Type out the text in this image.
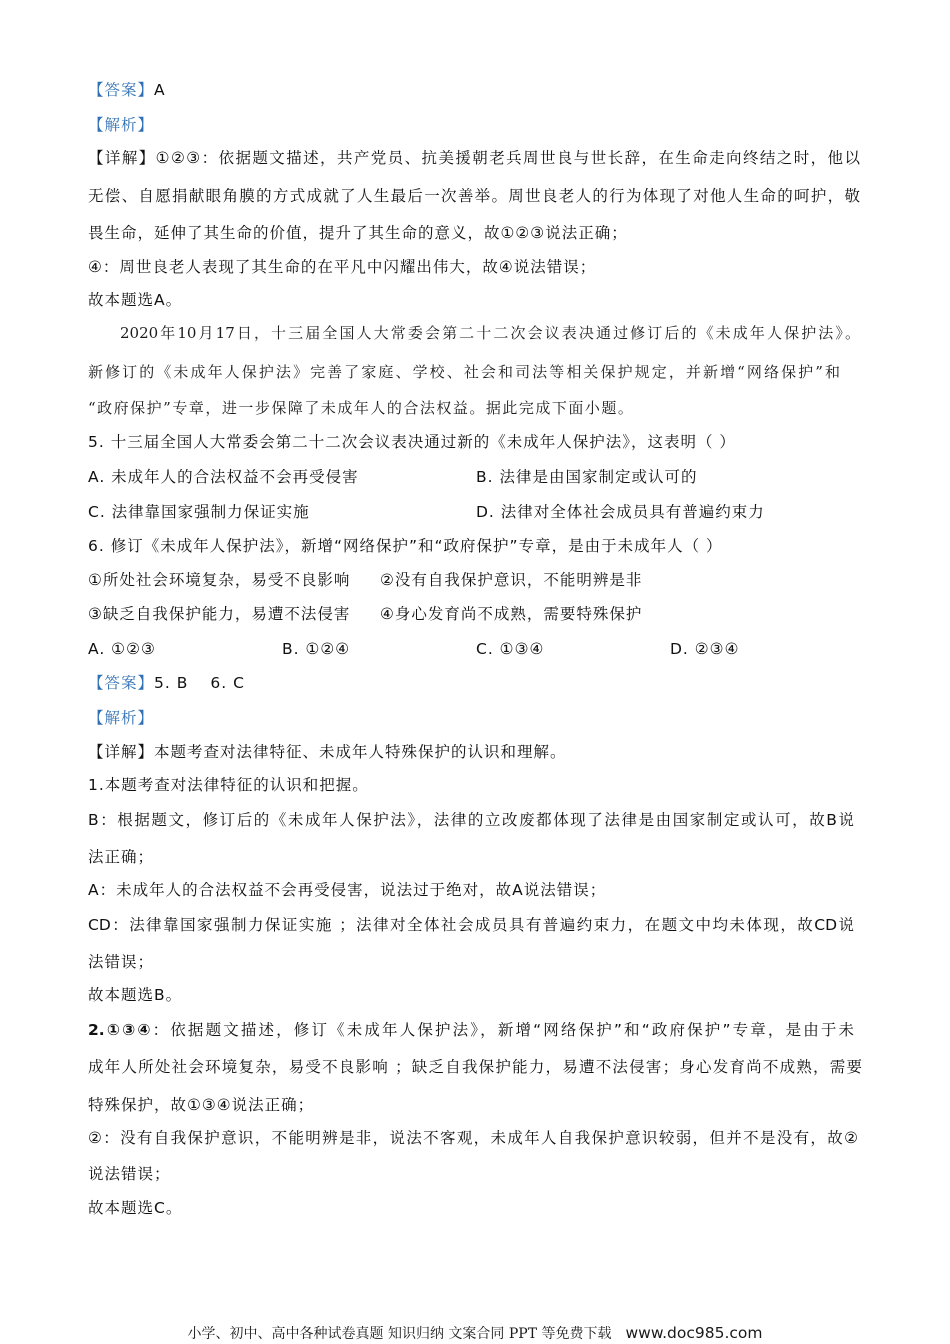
【答案】A
【解析】
【详解】①②③：依据题文描述，共产党员、抗美援朝老兵周世良与世长辞，在生命走向终结之时，他以
无偿、自愿捐献眼角膜的方式成就了人生最后一次善举。周世良老人的行为体现了对他人生命的呵护，敬
畏生命，延伸了其生命的价值，提升了其生命的意义，故①②③说法正确；
④：周世良老人表现了其生命的在平凡中闪耀出伟大，故④说法错误；
故本题选A。
2020年10月17日，十三届全国人大常委会第二十二次会议表决通过修订后的《未成年人保护法》。
新修订的《未成年人保护法》完善了家庭、学校、社会和司法等相关保护规定，并新增“网络保护”和
“政府保护”专章，进一步保障了未成年人的合法权益。据此完成下面小题。
5. 十三届全国人大常委会第二十二次会议表决通过新的《未成年人保护法》，这表明（ ）
A. 未成年人的合法权益不会再受侵害	B. 法律是由国家制定或认可的
C. 法律靠国家强制力保证实施	D. 法律对全体社会成员具有普遍约束力
6. 修订《未成年人保护法》，新增“网络保护”和“政府保护”专章，是由于未成年人（ ）
①所处社会环境复杂，易受不良影响 ②没有自我保护意识，不能明辨是非
③缺乏自我保护能力，易遭不法侵害 ④身心发育尚不成熟，需要特殊保护
A. ①②③	B. ①②④	C. ①③④	D. ②③④
【答案】5. B 6. C
【解析】
【详解】本题考查对法律特征、未成年人特殊保护的认识和理解。
1.本题考查对法律特征的认识和把握。
B：根据题文，修订后的《未成年人保护法》，法律的立改废都体现了法律是由国家制定或认可，故B说
法正确；
A：未成年人的合法权益不会再受侵害，说法过于绝对，故A说法错误；
CD：法律靠国家强制力保证实施 ；法律对全体社会成员具有普遍约束力，在题文中均未体现，故CD说
法错误；
故本题选B。
2.①③④：依据题文描述，修订《未成年人保护法》，新增“网络保护”和“政府保护”专章，是由于未
成年人所处社会环境复杂，易受不良影响 ；缺乏自我保护能力，易遭不法侵害；身心发育尚不成熟，需要
特殊保护，故①③④说法正确；
②：没有自我保护意识，不能明辨是非，说法不客观，未成年人自我保护意识较弱，但并不是没有，故②
说法错误；
故本题选C。
小学、初中、高中各种试卷真题 知识归纳 文案合同 PPT 等免费下载 www.doc985.com
